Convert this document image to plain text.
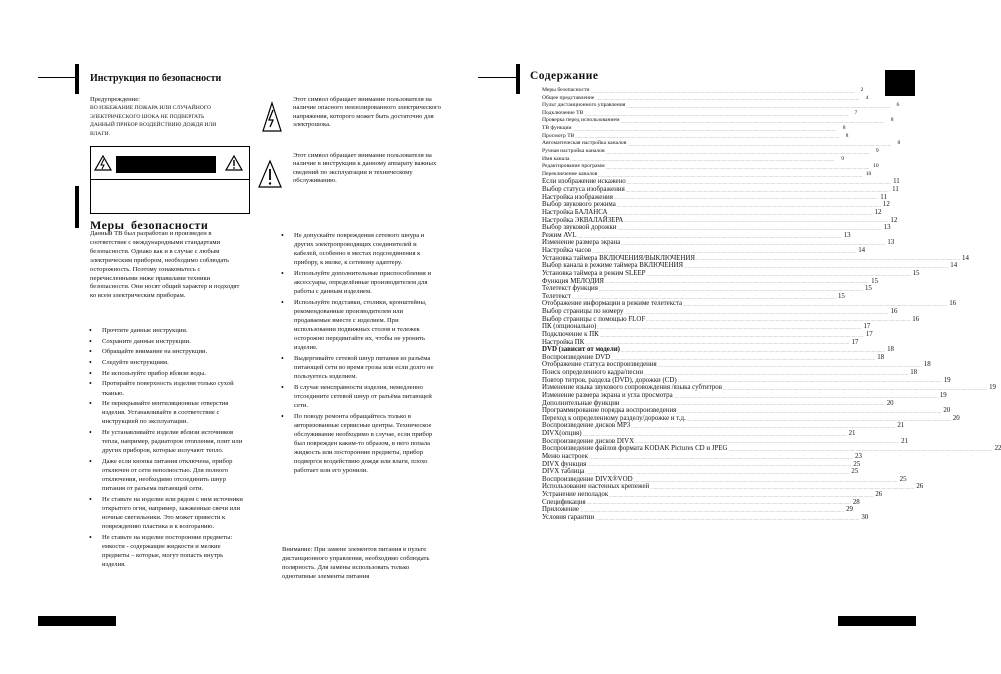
Инструкция по безопасности
Предупреждение:
ВО ИЗБЕЖАНИЕ ПОЖАРА ИЛИ СЛУЧАЙНОГО ЭЛЕКТРИЧЕСКОГО ШОКА НЕ ПОДВЕРГАТЬ ДАННЫЙ ПРИБОР ВОЗДЕЙСТВИЮ ДОЖДЯ ИЛИ ВЛАГИ.
Этот символ обращает внимание пользователя на наличие опасного неизолированного электрического напряжения, которого может быть достаточно для электрошока.
Этот символ обращает внимание пользователя на наличие в инструкции к данному аппарату важных сведений по эксплуатации и техническому обслуживанию.
Меры безопасности
Данный ТВ был разработан и произведен в соответствие с международными стандартами безопасности. Однако как и в случае с любым электрическим прибором, необходимо соблюдать осторожность. Поэтому ознакомьтесь с перечисленными ниже правилами техники безопасности. Они носят общий характер и подходят ко всем электрическим приборам.
• Прочтите данные инструкции.
• Сохраните данные инструкции.
• Обращайте внимание на инструкции.
• Следуйте инструкциям.
• Не используйте прибор вблизи воды.
• Протирайте поверхность изделия только сухой тканью.
• Не перекрывайте вентиляционные отверстия изделия. Устанавливайте в соответствие с инструкцией по эксплуатации.
• Не устанавливайте изделие вблизи источников тепла, например, радиаторов отопления, плит или других приборов, которые излучают тепло.
• Даже если кнопка питания отключена, прибор отключен от сети неполностью. Для полного отключения, необходимо отсоединить шнур питания от разъема питающей сети.
• Не ставьте на изделие или рядом с ним источники открытого огня, например, зажженные свечи или ночные светильники. Это может привести к повреждению пластика и к возгоранию.
• Не ставьте на изделие посторонние предметы: емкости - содержащие жидкости и мелкие предметы – которые, могут попасть внутрь изделия.
• Не допускайте повреждения сетевого шнура и других электропроводящих соединителей и кабелей, особенно в местах подсоединения к прибору, к вилке, к сетевому адаптеру.
• Используйте дополнительные приспособления и аксессуары, определённые производителем для работы с данным изделием.
• Используйте подставки, столики, кронштейны, рекомендованные производителем или продаваемые вместе с изделием. При использовании подвижных столов и тележек осторожно передвигайте их, чтобы не уронить изделие.
• Выдергивайте сетевой шнур питания из разъёма питающей сети во время грозы или если долго не пользуетесь изделием.
• В случае неисправности изделия, немедленно отсоедините сетевой шнур от разъёма питающей сети.
• По поводу ремонта обращайтесь только в авторизованные сервисные центры. Техническое обслуживание необходимо в случае, если прибор был поврежден каким-то образом, в него попала жидкость или посторонние предметы, прибор подвергся воздействию дождя или влаги, плохо работает или его уронили.
Внимание: При замене элементов питания в пульте дистанционного управления, необходимо соблюдать полярность. Для замены использовать только однотипные элементы питания
Содержание
Меры безопасности ............................................................................................................................................................................................................................	2
Общее представление ............................................................................................................................................................................................................................	4
Пульт дистанционного управления ............................................................................................................................................................................................................................	6
Подключение ТВ ............................................................................................................................................................................................................................	7
Проверка перед использованием ............................................................................................................................................................................................................................	8
ТВ функции ............................................................................................................................................................................................................................	8
Просмотр ТВ ............................................................................................................................................................................................................................	8
Автоматическая настройка каналов ............................................................................................................................................................................................................................	8
Ручная настройка каналов ............................................................................................................................................................................................................................	9
Имя канала ............................................................................................................................................................................................................................	9
Редактирование программ ............................................................................................................................................................................................................................ 10
Переключение каналов ............................................................................................................................................................................................................................ 10
Если изображение искажено ............................................................................................................................................................................................................................ 11
Выбор статуса изображения ............................................................................................................................................................................................................................ 11
Настройка изображения ............................................................................................................................................................................................................................ 11
Выбор звукового режима ............................................................................................................................................................................................................................ 12
Настройка БАЛАНСА ............................................................................................................................................................................................................................ 12
Настройка ЭКВАЛАЙЗЕРА ............................................................................................................................................................................................................................ 12
Выбор звуковой дорожки ............................................................................................................................................................................................................................ 13
Режим AVL ............................................................................................................................................................................................................................ 13
Изменение размера экрана ............................................................................................................................................................................................................................ 13
Настройка часов ............................................................................................................................................................................................................................ 14
Установка таймера ВКЛЮЧЕНИЯ/ВЫКЛЮЧЕНИЯ ............................................................................................................................................................................................................................ 14
Выбор канала в режиме таймера ВКЛЮЧЕНИЯ ............................................................................................................................................................................................................................ 14
Установка таймера в режим SLEEP ............................................................................................................................................................................................................................ 15
Функция МЕЛОДИЯ ............................................................................................................................................................................................................................ 15
Телетекст функция ............................................................................................................................................................................................................................ 15
Телетекст ............................................................................................................................................................................................................................ 15
Отображение информации в режиме телетекста ............................................................................................................................................................................................................................ 16
Выбор страницы по номеру ............................................................................................................................................................................................................................ 16
Выбор страницы с помощью FLOF ............................................................................................................................................................................................................................ 16
ПК (опционально) ............................................................................................................................................................................................................................ 17
Подключение к ПК ............................................................................................................................................................................................................................ 17
Настройка ПК ............................................................................................................................................................................................................................ 17
DVD (зависит от модели) ............................................................................................................................................................................................................................ 18
Воспроизведение DVD ............................................................................................................................................................................................................................ 18
Отображение статуса воспроизведения ............................................................................................................................................................................................................................ 18
Поиск определенного кадра/песни ............................................................................................................................................................................................................................ 18
Повтор титров, раздела (DVD), дорожки (CD) ............................................................................................................................................................................................................................ 19
Изменение языка звукового сопровождения /языка субтитров ............................................................................................................................................................................................................................ 19
Изменение размера экрана и угла просмотра ............................................................................................................................................................................................................................ 19
Дополнительные функции ............................................................................................................................................................................................................................ 20
Программирование порядка воспроизведения ............................................................................................................................................................................................................................ 20
Переход к определенному разделу/дорожке и т.д. ............................................................................................................................................................................................................................ 20
Воспроизведение дисков MP3 ............................................................................................................................................................................................................................ 21
DIVX(опция) ............................................................................................................................................................................................................................ 21
Воспроизведение дисков DIVX ............................................................................................................................................................................................................................ 21
Воспроизведение файлов формата KODAK Pictures CD и JPEG ............................................................................................................................................................................................................................ 22
Меню настроек ............................................................................................................................................................................................................................ 23
DIVX функция ............................................................................................................................................................................................................................ 25
DIVX таблица ............................................................................................................................................................................................................................ 25
Воспроизведение DIVX®VOD ............................................................................................................................................................................................................................ 25
Использование настенных крепежей ............................................................................................................................................................................................................................ 26
Устранение неполадок ............................................................................................................................................................................................................................ 26
Спецификация ............................................................................................................................................................................................................................ 28
Приложение ............................................................................................................................................................................................................................ 29
Условия гарантии ............................................................................................................................................................................................................................ 30
